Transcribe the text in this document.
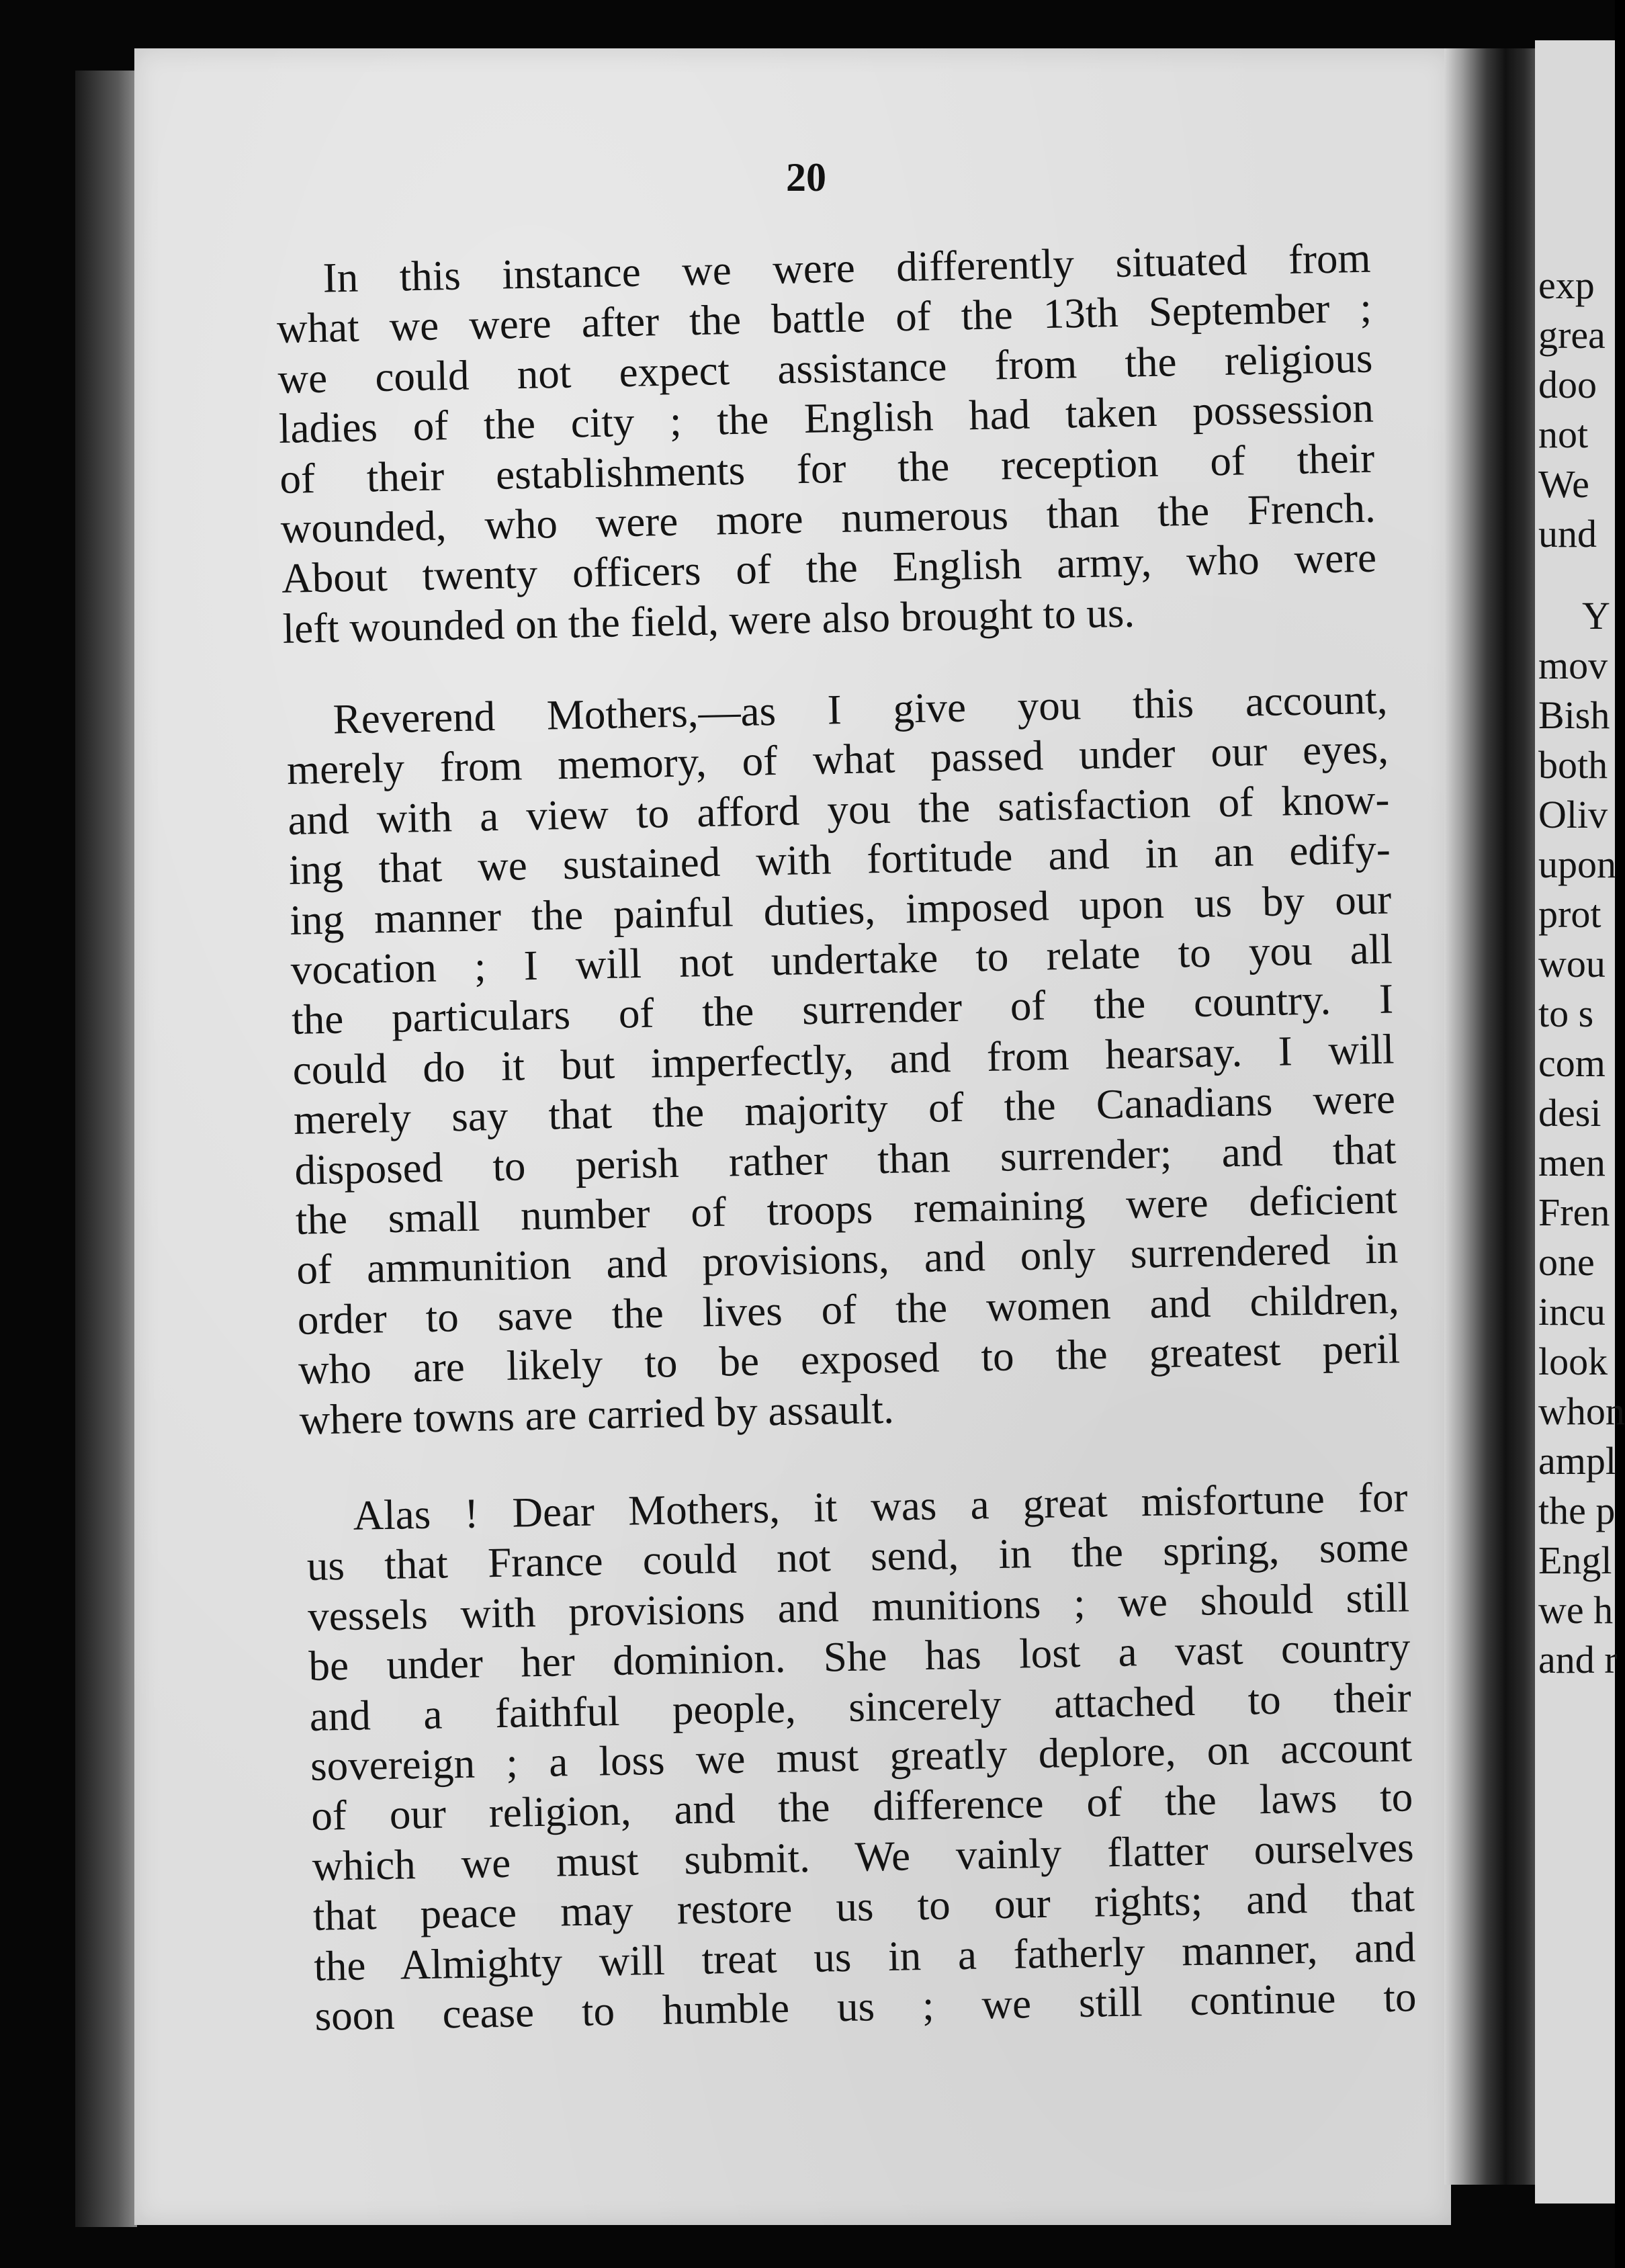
20
In this instance we were differently situated from
what we were after the battle of the 13th September ;
we could not expect assistance from the religious
ladies of the city ; the English had taken possession
of their establishments for the reception of their
wounded, who were more numerous than the French.
About twenty officers of the English army, who were
left wounded on the field, were also brought to us.
Reverend Mothers,—as I give you this account,
merely from memory, of what passed under our eyes,
and with a view to afford you the satisfaction of know-
ing that we sustained with fortitude and in an edify-
ing manner the painful duties, imposed upon us by our
vocation ; I will not undertake to relate to you all
the particulars of the surrender of the country. I
could do it but imperfectly, and from hearsay. I will
merely say that the majority of the Canadians were
disposed to perish rather than surrender; and that
the small number of troops remaining were deficient
of ammunition and provisions, and only surrendered in
order to save the lives of the women and children,
who are likely to be exposed to the greatest peril
where towns are carried by assault.
Alas ! Dear Mothers, it was a great misfortune for
us that France could not send, in the spring, some
vessels with provisions and munitions ; we should still
be under her dominion. She has lost a vast country
and a faithful people, sincerely attached to their
sovereign ; a loss we must greatly deplore, on account
of our religion, and the difference of the laws to
which we must submit. We vainly flatter ourselves
that peace may restore us to our rights; and that
the Almighty will treat us in a fatherly manner, and
soon cease to humble us ; we still continue to
exp
grea
doo
not
We
und
Y
mov
Bish
both
Oliv
upon
prot
wou
to s
com
desi
men
Fren
one
incu
look
whon
ampl
the p
Engl
we h
and r
